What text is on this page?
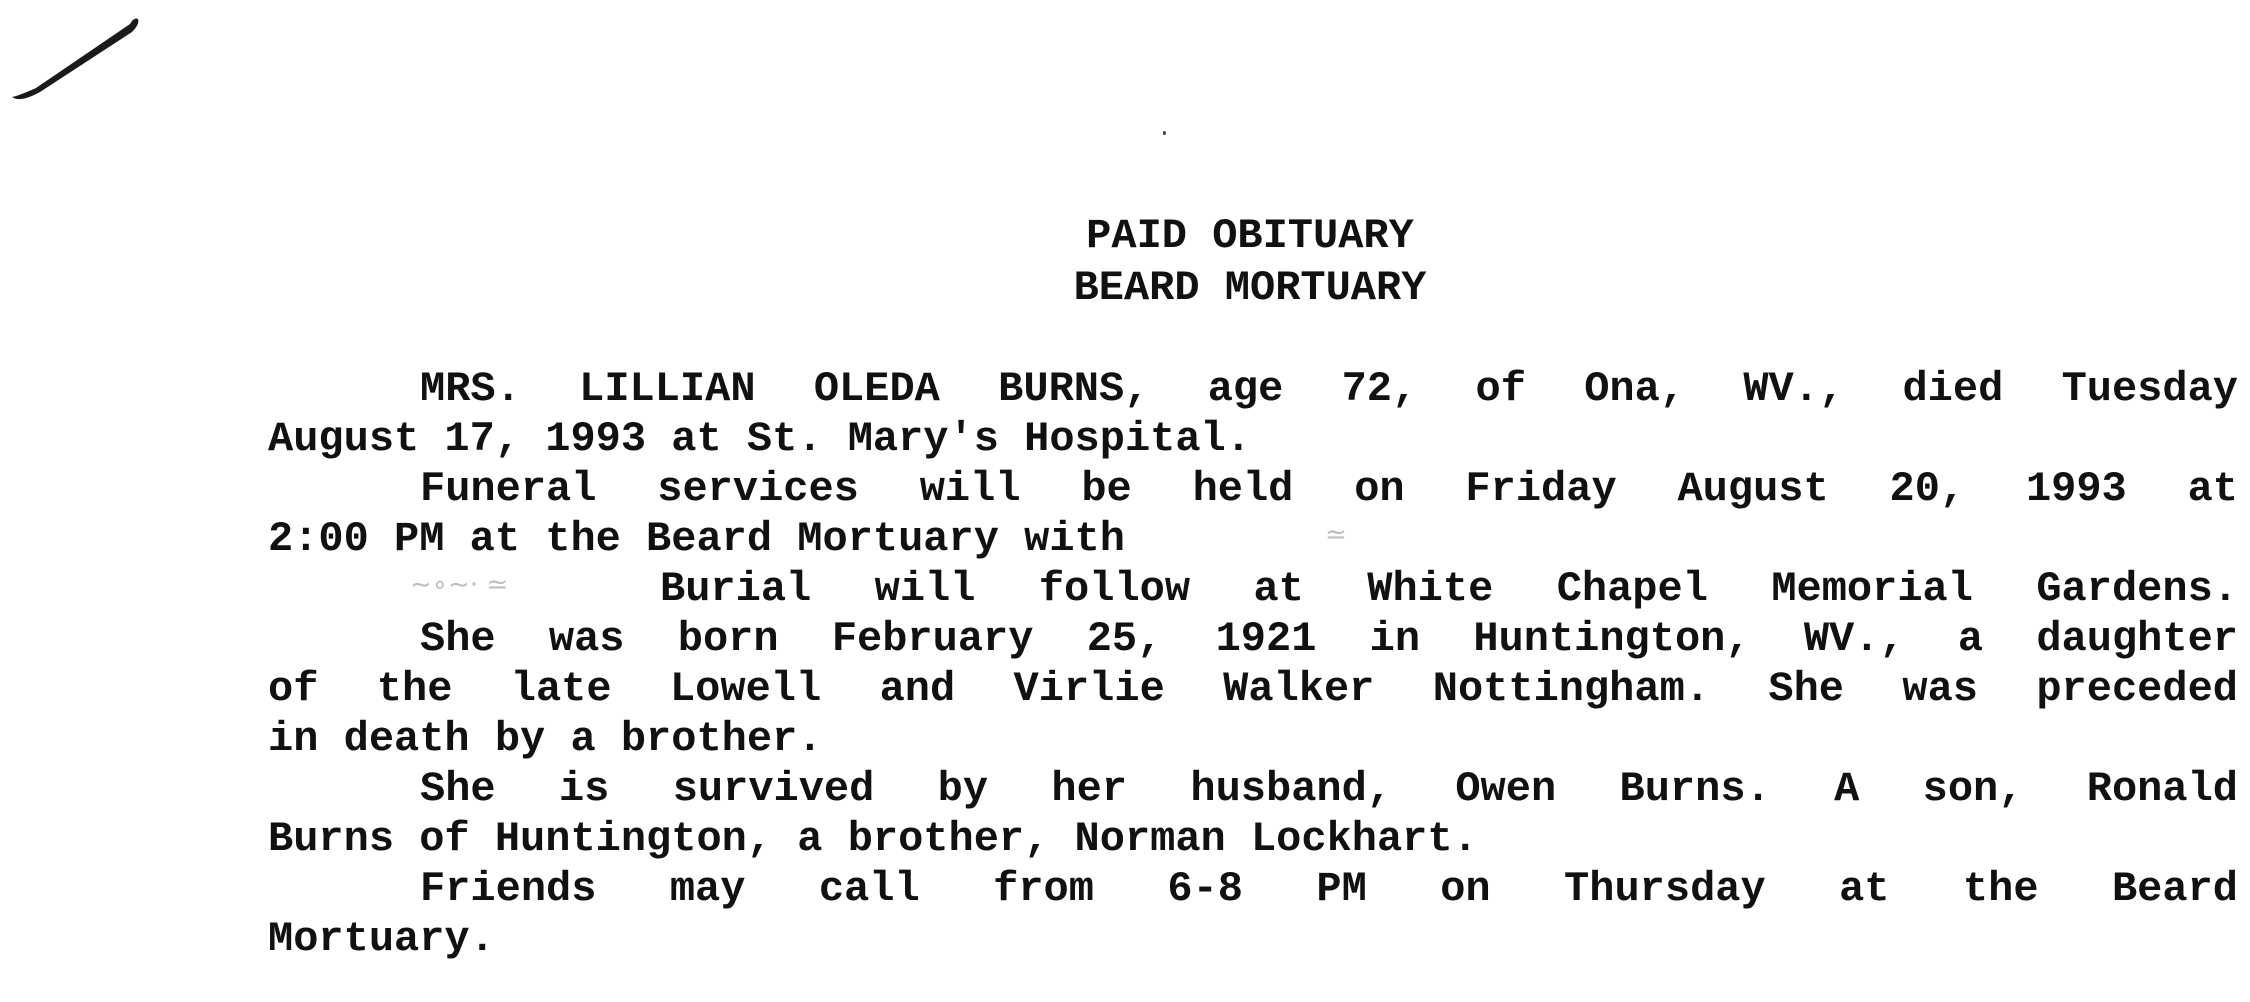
PAID OBITUARY
BEARD MORTUARY
MRS. LILLIAN OLEDA BURNS, age 72, of Ona, WV., died Tuesday
August 17, 1993 at St. Mary's Hospital.
Funeral services will be held on Friday August 20, 1993 at
2:00 PM at the Beard Mortuary with	≃
∼∘∼· ≃	Burial will follow at White Chapel Memorial Gardens.
She was born February 25, 1921 in Huntington, WV., a daughter
of the late Lowell and Virlie Walker Nottingham. She was preceded
in death by a brother.
She is survived by her husband, Owen Burns. A son, Ronald
Burns of Huntington, a brother, Norman Lockhart.
Friends may call from 6-8 PM on Thursday at the Beard
Mortuary.
